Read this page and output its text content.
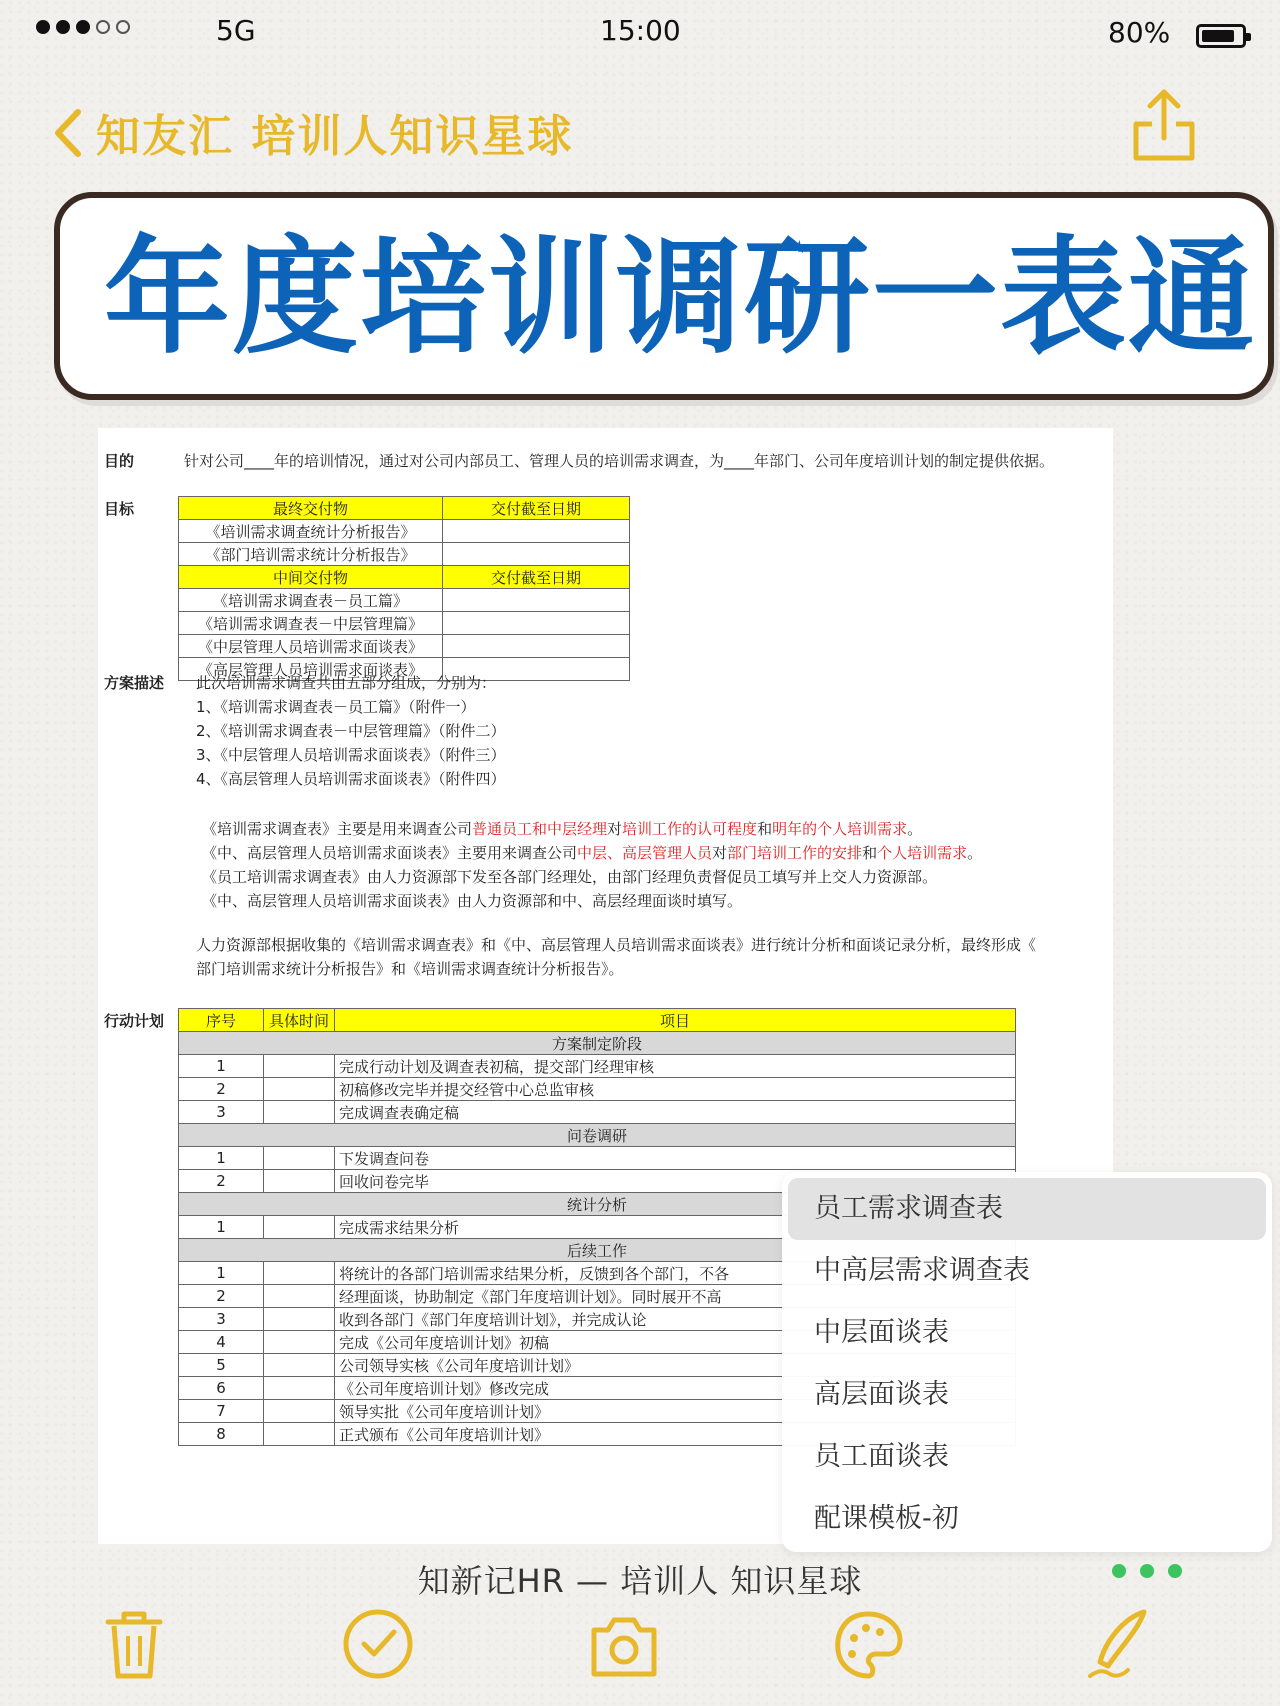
5G	15:00	80%
知友汇 培训人知识星球
年度培训调研一表通
目的	针对公司____年的培训情况，通过对公司内部员工、管理人员的培训需求调查，为____年部门、公司年度培训计划的制定提供依据。
目标	最终交付物	交付截至日期
《培训需求调查统计分析报告》	
《部门培训需求统计分析报告》	
中间交付物	交付截至日期
《培训需求调查表－员工篇》	
《培训需求调查表－中层管理篇》	
《中层管理人员培训需求面谈表》	
《高层管理人员培训需求面谈表》	
方案描述 此次培训需求调查共由五部分组成，分别为：
1、《培训需求调查表－员工篇》（附件一）
2、《培训需求调查表－中层管理篇》（附件二）
3、《中层管理人员培训需求面谈表》（附件三）
4、《高层管理人员培训需求面谈表》（附件四）
《培训需求调查表》主要是用来调查公司普通员工和中层经理对培训工作的认可程度和明年的个人培训需求。
《中、高层管理人员培训需求面谈表》主要用来调查公司中层、高层管理人员对部门培训工作的安排和个人培训需求。
《员工培训需求调查表》由人力资源部下发至各部门经理处，由部门经理负责督促员工填写并上交人力资源部。
《中、高层管理人员培训需求面谈表》由人力资源部和中、高层经理面谈时填写。
人力资源部根据收集的《培训需求调查表》和《中、高层管理人员培训需求面谈表》进行统计分析和面谈记录分析，最终形成《
部门培训需求统计分析报告》和《培训需求调查统计分析报告》。
行动计划	序号	具体时间	项目
方案制定阶段		
1		完成行动计划及调查表初稿，提交部门经理审核
2		初稿修改完毕并提交经管中心总监审核
3		完成调查表确定稿
问卷调研		
1		下发调查问卷
2		回收问卷完毕
统计分析		
1		完成需求结果分析
后续工作		
1		将统计的各部门培训需求结果分析，反馈到各个部门，不各
2		经理面谈，协助制定《部门年度培训计划》。同时展开不高
3		收到各部门《部门年度培训计划》，并完成认论
4		完成《公司年度培训计划》初稿
5		公司领导实核《公司年度培训计划》
6		《公司年度培训计划》修改完成
7		领导实批《公司年度培训计划》
8		正式颁布《公司年度培训计划》
员工需求调查表
中高层需求调查表
中层面谈表
高层面谈表
员工面谈表
配课模板-初
知新记HR — 培训人 知识星球
